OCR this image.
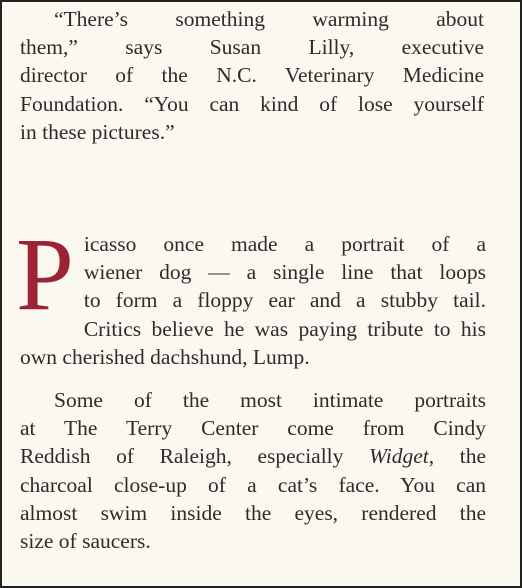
“There’s something warming about
them,” says Susan Lilly, executive
director of the N.C. Veterinary Medicine
Foundation. “You can kind of lose yourself
in these pictures.”
P icasso once made a portrait of a
wiener dog — a single line that loops
to form a floppy ear and a stubby tail.
Critics believe he was paying tribute to his
own cherished dachshund, Lump.
Some of the most intimate portraits
at The Terry Center come from Cindy
Reddish of Raleigh, especially Widget, the
charcoal close-up of a cat’s face. You can
almost swim inside the eyes, rendered the
size of saucers.
